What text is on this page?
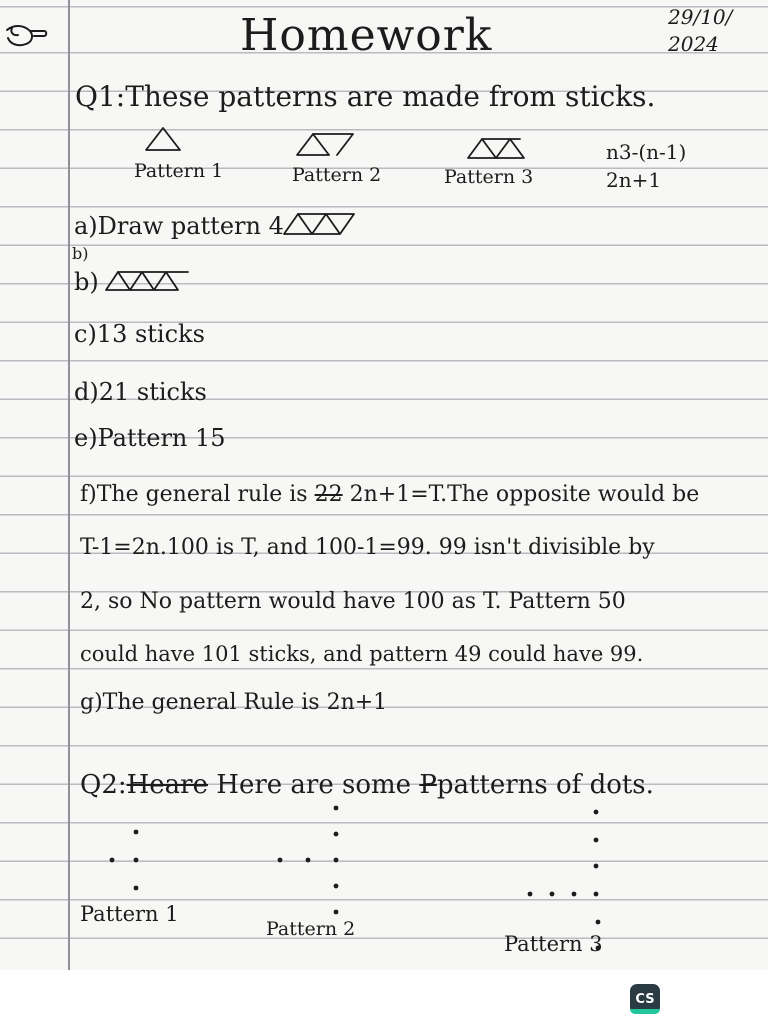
Homework	29/10/ 2024
Q1:These patterns are made from sticks.
Pattern 1	Pattern 2	Pattern 3
n3-(n-1)
2n+1
a)Draw pattern 4
b)
b)
c)13 sticks
d)21 sticks
e)Pattern 15
f)The general rule is 22 2n+1=T.The opposite would be
T-1=2n.100 is T, and 100-1=99. 99 isn't divisible by
2, so No pattern would have 100 as T. Pattern 50
could have 101 sticks, and pattern 49 could have 99.
g)The general Rule is 2n+1
Q2:Heare Here are some Ppatterns of dots.
Pattern 1
Pattern 2
Pattern 3
CS
